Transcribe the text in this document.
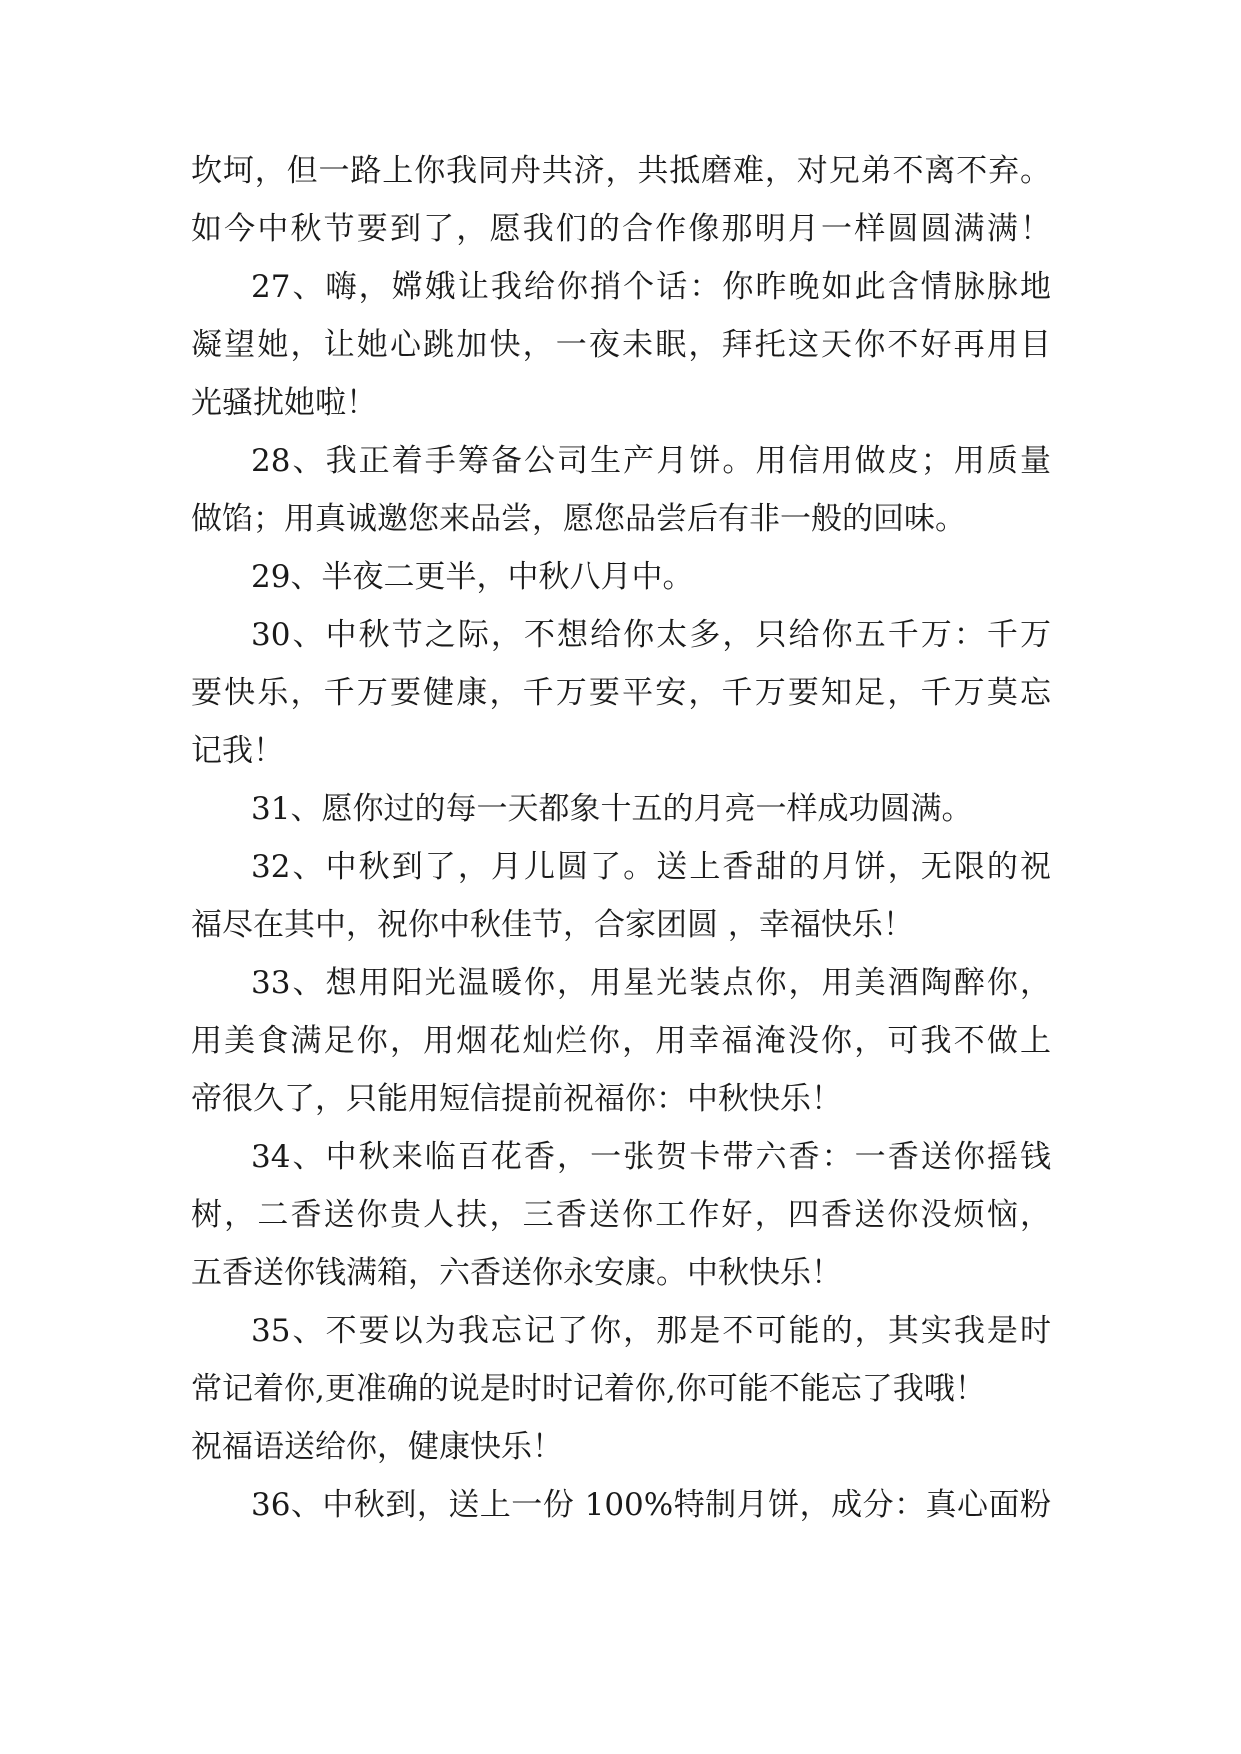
坎坷，但一路上你我同舟共济，共抵磨难，对兄弟不离不弃。
如今中秋节要到了，愿我们的合作像那明月一样圆圆满满！
27、嗨，嫦娥让我给你捎个话：你昨晚如此含情脉脉地
凝望她，让她心跳加快，一夜未眠，拜托这天你不好再用目
光骚扰她啦！
28、我正着手筹备公司生产月饼。用信用做皮；用质量
做馅；用真诚邀您来品尝，愿您品尝后有非一般的回味。
29、半夜二更半，中秋八月中。
30、中秋节之际，不想给你太多，只给你五千万：千万
要快乐，千万要健康，千万要平安，千万要知足，千万莫忘
记我！
31、愿你过的每一天都象十五的月亮一样成功圆满。
32、中秋到了，月儿圆了。送上香甜的月饼，无限的祝
福尽在其中，祝你中秋佳节，合家团圆 ，幸福快乐！
33、想用阳光温暖你，用星光装点你，用美酒陶醉你，
用美食满足你，用烟花灿烂你，用幸福淹没你，可我不做上
帝很久了，只能用短信提前祝福你：中秋快乐！
34、中秋来临百花香，一张贺卡带六香：一香送你摇钱
树，二香送你贵人扶，三香送你工作好，四香送你没烦恼，
五香送你钱满箱，六香送你永安康。中秋快乐！
35、不要以为我忘记了你，那是不可能的，其实我是时
常记着你,更准确的说是时时记着你,你可能不能忘了我哦！
祝福语送给你，健康快乐！
36、中秋到，送上一份 100%特制月饼，成分：真心面粉
